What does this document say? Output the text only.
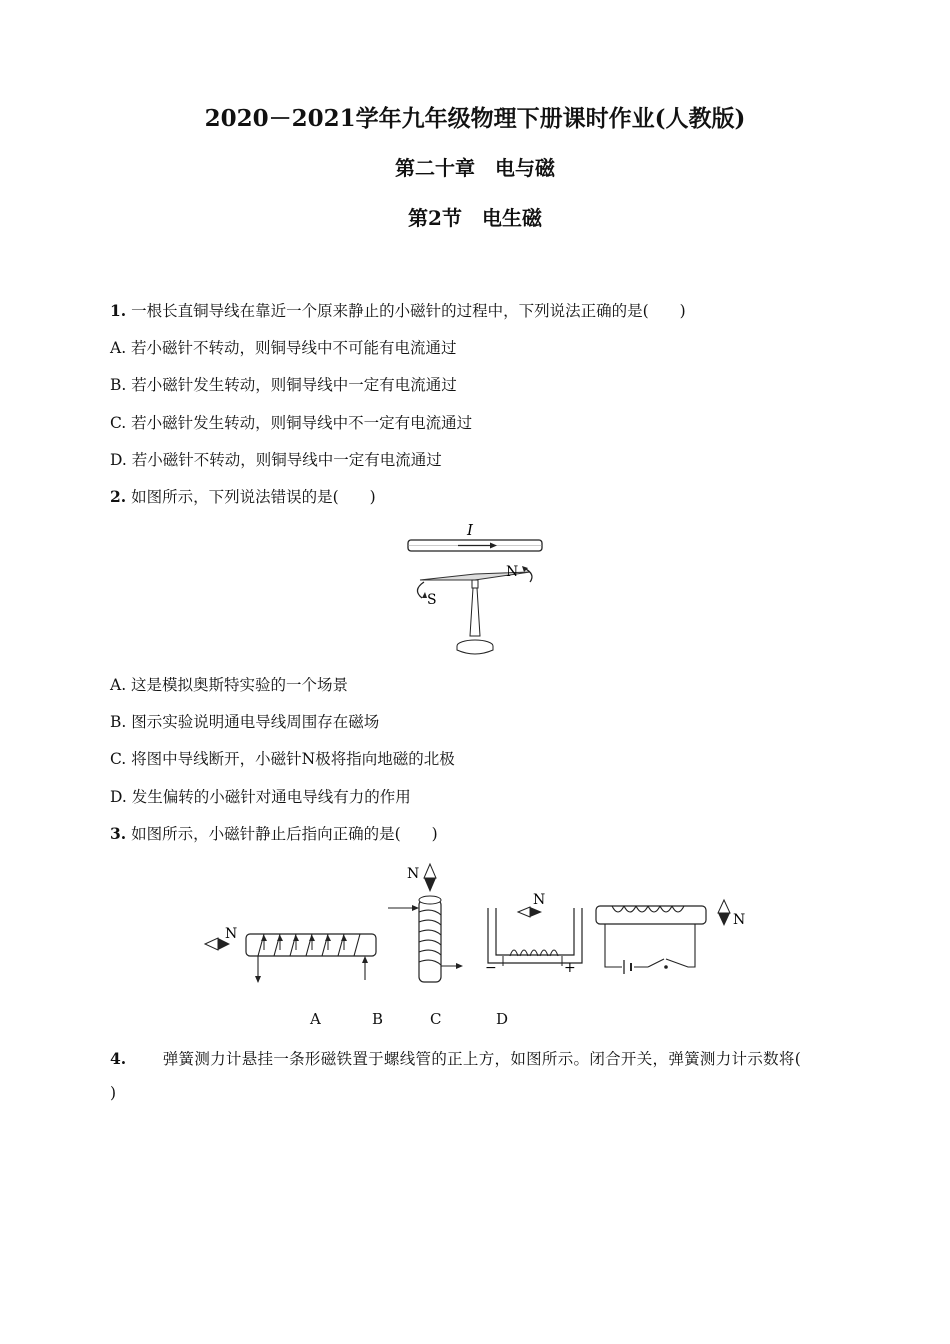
2020－2021学年九年级物理下册课时作业(人教版)
第二十章　电与磁
第2节　电生磁
1. 一根长直铜导线在靠近一个原来静止的小磁针的过程中，下列说法正确的是(　　)
A. 若小磁针不转动，则铜导线中不可能有电流通过
B. 若小磁针发生转动，则铜导线中一定有电流通过
C. 若小磁针发生转动，则铜导线中不一定有电流通过
D. 若小磁针不转动，则铜导线中一定有电流通过
2. 如图所示，下列说法错误的是(　　)
I
N
S
A. 这是模拟奥斯特实验的一个场景
B. 图示实验说明通电导线周围存在磁场
C. 将图中导线断开，小磁针N极将指向地磁的北极
D. 发生偏转的小磁针对通电导线有力的作用
3. 如图所示，小磁针静止后指向正确的是(　　)
N
N
N
−	+
N
A	B	C	D
4. 　　弹簧测力计悬挂一条形磁铁置于螺线管的正上方，如图所示。闭合开关，弹簧测力计示数将(
)
